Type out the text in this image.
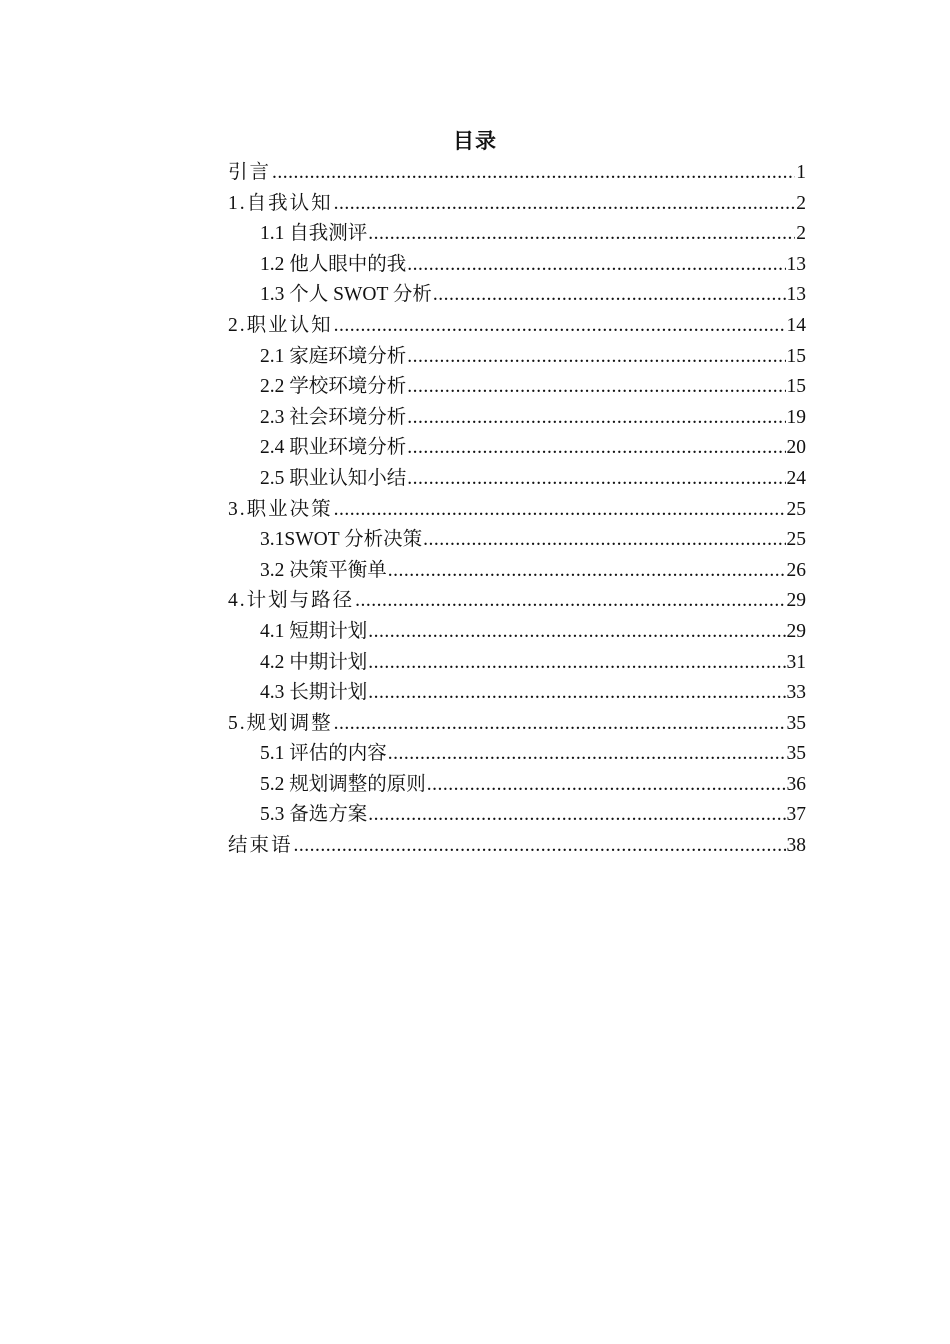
目录
引言 .....	1
1.自我认知 .....	2
1.1 自我测评 .....	2
1.2 他人眼中的我 .....	13
1.3 个人 SWOT 分析 .....	13
2.职业认知 .....	14
2.1 家庭环境分析 .....	15
2.2 学校环境分析 .....	15
2.3 社会环境分析 .....	19
2.4 职业环境分析 .....	20
2.5 职业认知小结 .....	24
3.职业决策 .....	25
3.1SWOT 分析决策 .....	25
3.2 决策平衡单 .....	26
4.计划与路径 .....	29
4.1 短期计划 .....	29
4.2 中期计划 .....	31
4.3 长期计划 .....	33
5.规划调整 .....	35
5.1 评估的内容 .....	35
5.2 规划调整的原则 .....	36
5.3 备选方案 .....	37
结束语 .....	38
